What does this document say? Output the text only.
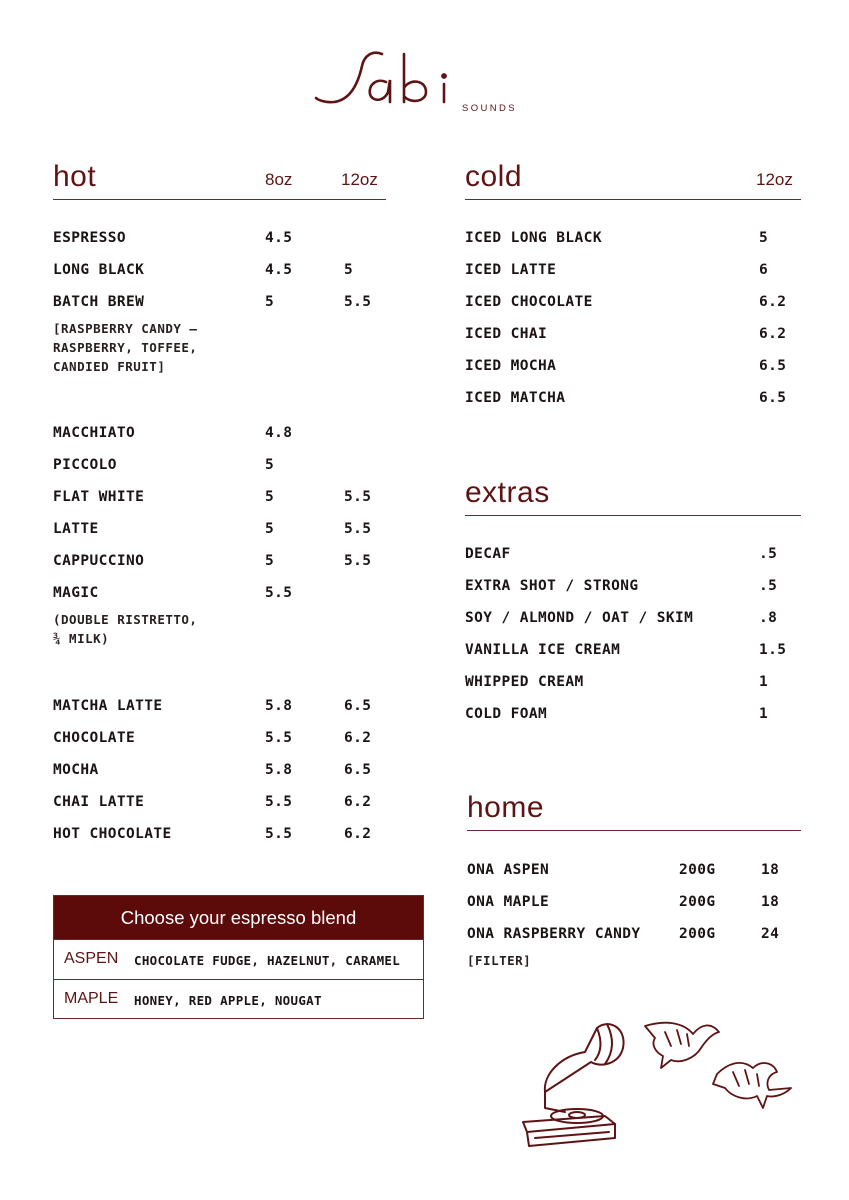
SOUNDS
Sabi
hot	8oz	12oz
ESPRESSO	4.5
LONG BLACK	4.5	5
BATCH BREW	5	5.5
[RASPBERRY CANDY –
RASPBERRY, TOFFEE,
CANDIED FRUIT]
MACCHIATO	4.8
PICCOLO	5
FLAT WHITE	5	5.5
LATTE	5	5.5
CAPPUCCINO	5	5.5
MAGIC	5.5
(DOUBLE RISTRETTO,
¾ MILK)
MATCHA LATTE	5.8	6.5
CHOCOLATE	5.5	6.2
MOCHA	5.8	6.5
CHAI LATTE	5.5	6.2
HOT CHOCOLATE	5.5	6.2
cold	12oz
ICED LONG BLACK	5
ICED LATTE	6
ICED CHOCOLATE	6.2
ICED CHAI	6.2
ICED MOCHA	6.5
ICED MATCHA	6.5
extras
DECAF	.5
EXTRA SHOT / STRONG	.5
SOY / ALMOND / OAT / SKIM	.8
VANILLA ICE CREAM	1.5
WHIPPED CREAM	1
COLD FOAM	1
home
ONA ASPEN	200G	18
ONA MAPLE	200G	18
ONA RASPBERRY CANDY	200G	24
[FILTER]
Choose your espresso blend
ASPEN CHOCOLATE FUDGE, HAZELNUT, CARAMEL
MAPLE HONEY, RED APPLE, NOUGAT
